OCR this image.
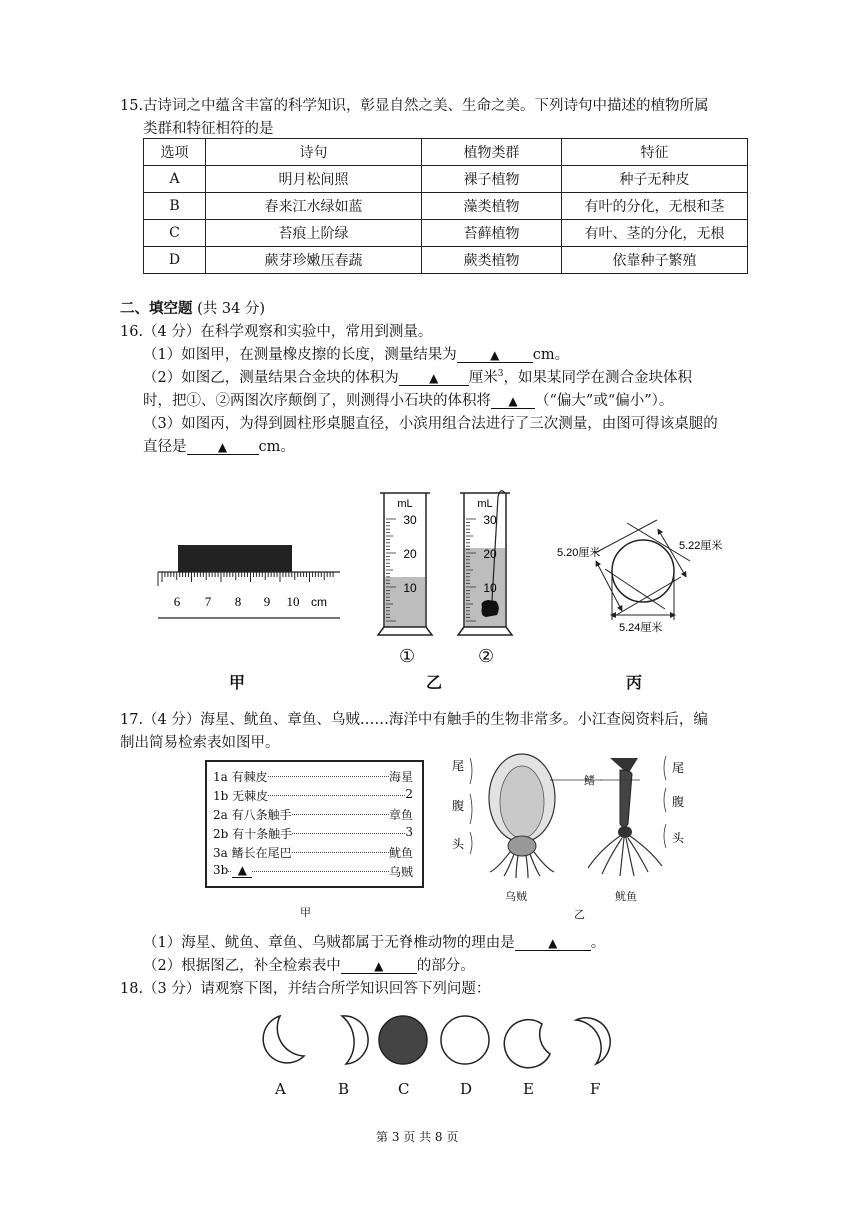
15.古诗词之中蕴含丰富的科学知识，彰显自然之美、生命之美。下列诗句中描述的植物所属
类群和特征相符的是
选项	诗句	植物类群	特征
A	明月松间照	裸子植物	种子无种皮
B	春来江水绿如蓝	藻类植物	有叶的分化，无根和茎
C	苔痕上阶绿	苔藓植物	有叶、茎的分化，无根
D	蕨芽珍嫩压春蔬	蕨类植物	依靠种子繁殖
二、填空题 (共 34 分)
16.（4 分）在科学观察和实验中，常用到测量。
（1）如图甲，在测量橡皮擦的长度，测量结果为	▲ cm。
（2）如图乙，测量结果合金块的体积为	▲ 厘米$^3$，如果某同学在测合金块体积
时，把①、②两图次序颠倒了，则测得小石块的体积将 ▲ （“偏大”或“偏小”）。
（3）如图丙，为得到圆柱形桌腿直径，小滨用组合法进行了三次测量，由图可得该桌腿的
直径是	▲ cm。
6 7 8 9 10 cm
mL
30
20
10
mL
30
20
10
①	②
5.20厘米
5.22厘米
5.24厘米
甲	乙	丙
17.（4 分）海星、鱿鱼、章鱼、乌贼……海洋中有触手的生物非常多。小江查阅资料后，编
制出简易检索表如图甲。
1a 有棘皮	海星
1b 无棘皮	2
2a 有八条触手	章鱼
2b 有十条触手	3
3a 鳍长在尾巴	鱿鱼
3b ▲	乌贼
甲
尾
腹
头
尾
腹
头
鳍
乌贼	鱿鱼
乙
（1）海星、鱿鱼、章鱼、乌贼都属于无脊椎动物的理由是	▲ 。
（2）根据图乙，补全检索表中	▲ 的部分。
18.（3 分）请观察下图，并结合所学知识回答下列问题：
A	B	C	D	E	F
第 3 页 共 8 页
